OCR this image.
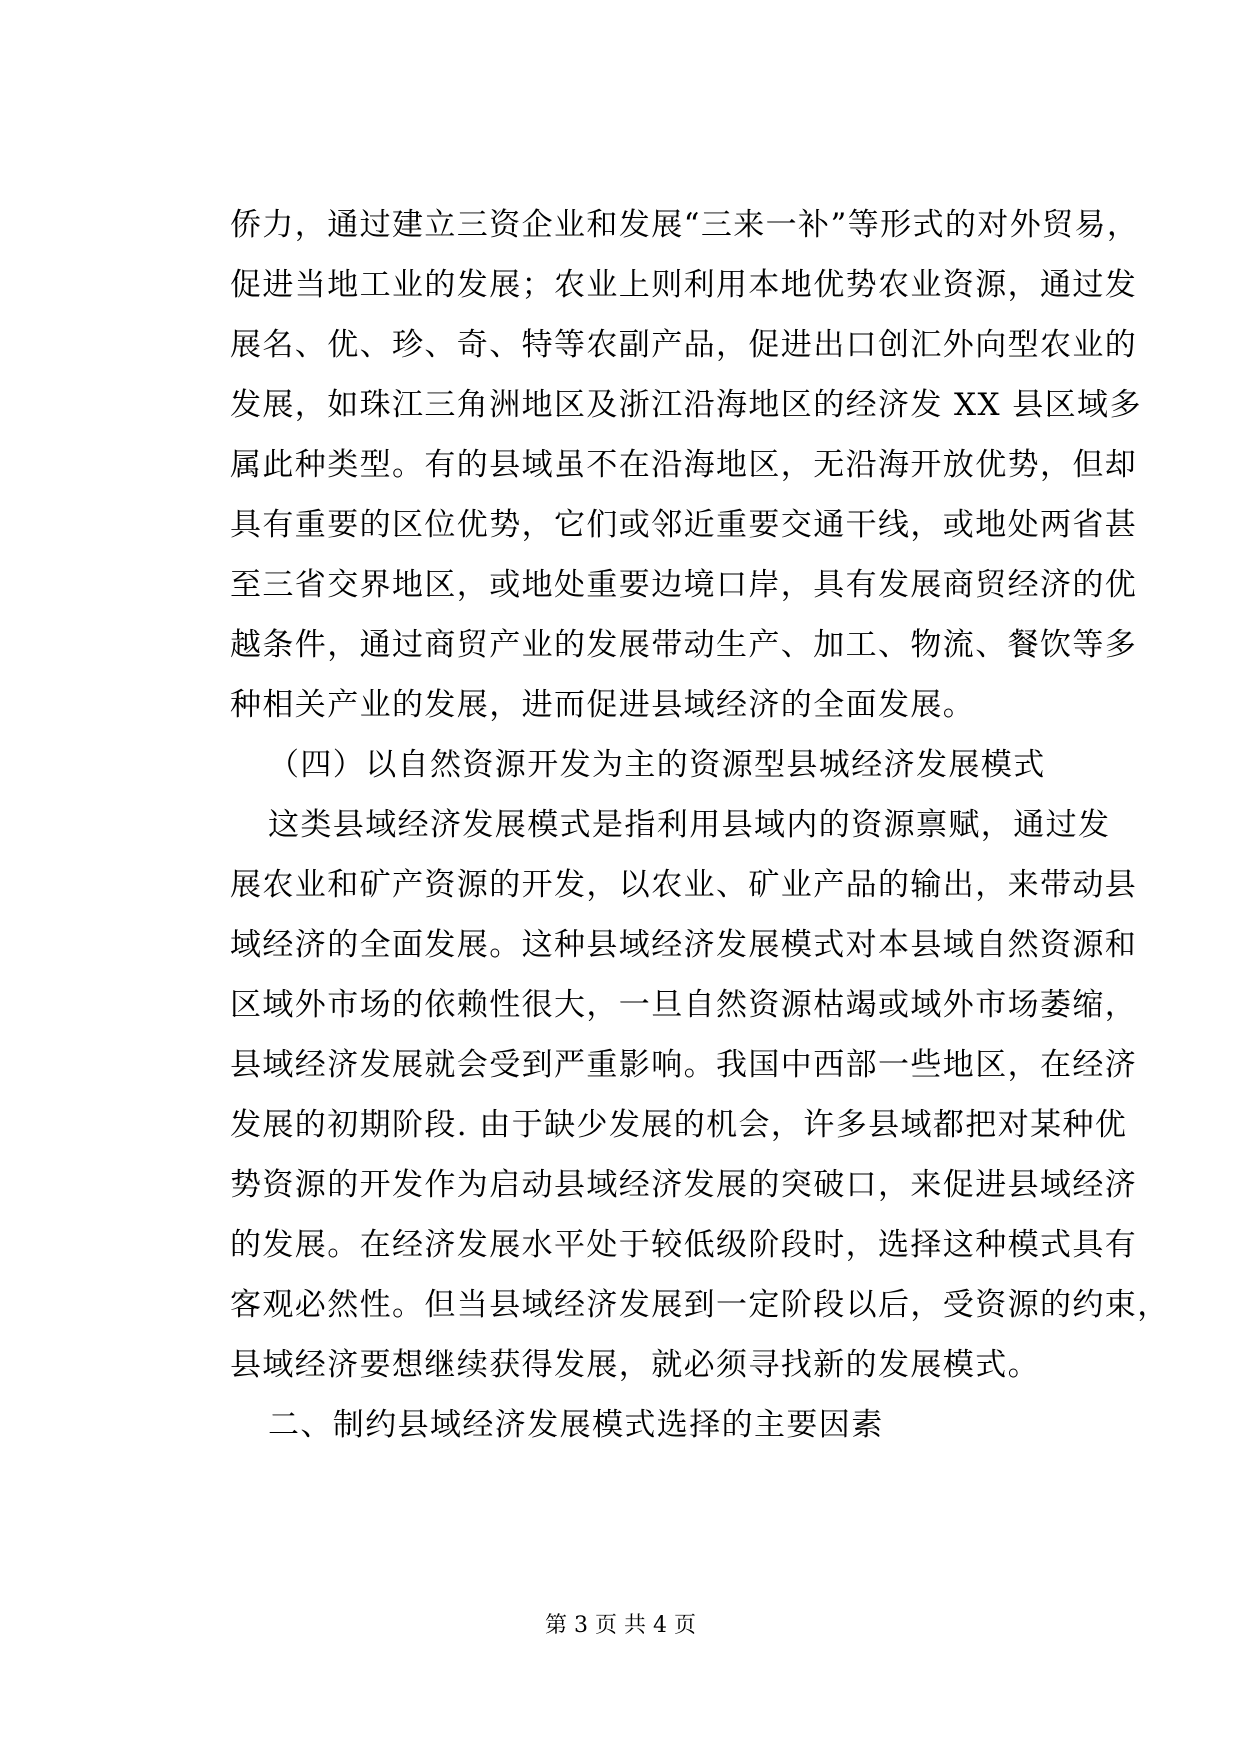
侨力，通过建立三资企业和发展“三来一补”等形式的对外贸易，
促进当地工业的发展；农业上则利用本地优势农业资源，通过发
展名、优、珍、奇、特等农副产品，促进出口创汇外向型农业的
发展，如珠江三角洲地区及浙江沿海地区的经济发 XX 县区域多
属此种类型。有的县域虽不在沿海地区，无沿海开放优势，但却
具有重要的区位优势，它们或邻近重要交通干线，或地处两省甚
至三省交界地区，或地处重要边境口岸，具有发展商贸经济的优
越条件，通过商贸产业的发展带动生产、加工、物流、餐饮等多
种相关产业的发展，进而促进县域经济的全面发展。
（四）以自然资源开发为主的资源型县城经济发展模式
这类县域经济发展模式是指利用县域内的资源禀赋，通过发
展农业和矿产资源的开发，以农业、矿业产品的输出，来带动县
域经济的全面发展。这种县域经济发展模式对本县域自然资源和
区域外市场的依赖性很大，一旦自然资源枯竭或域外市场萎缩，
县域经济发展就会受到严重影响。我国中西部一些地区，在经济
发展的初期阶段. 由于缺少发展的机会，许多县域都把对某种优
势资源的开发作为启动县域经济发展的突破口，来促进县域经济
的发展。在经济发展水平处于较低级阶段时，选择这种模式具有
客观必然性。但当县域经济发展到一定阶段以后，受资源的约束，
县域经济要想继续获得发展，就必须寻找新的发展模式。
二、制约县域经济发展模式选择的主要因素
第 3 页 共 4 页
